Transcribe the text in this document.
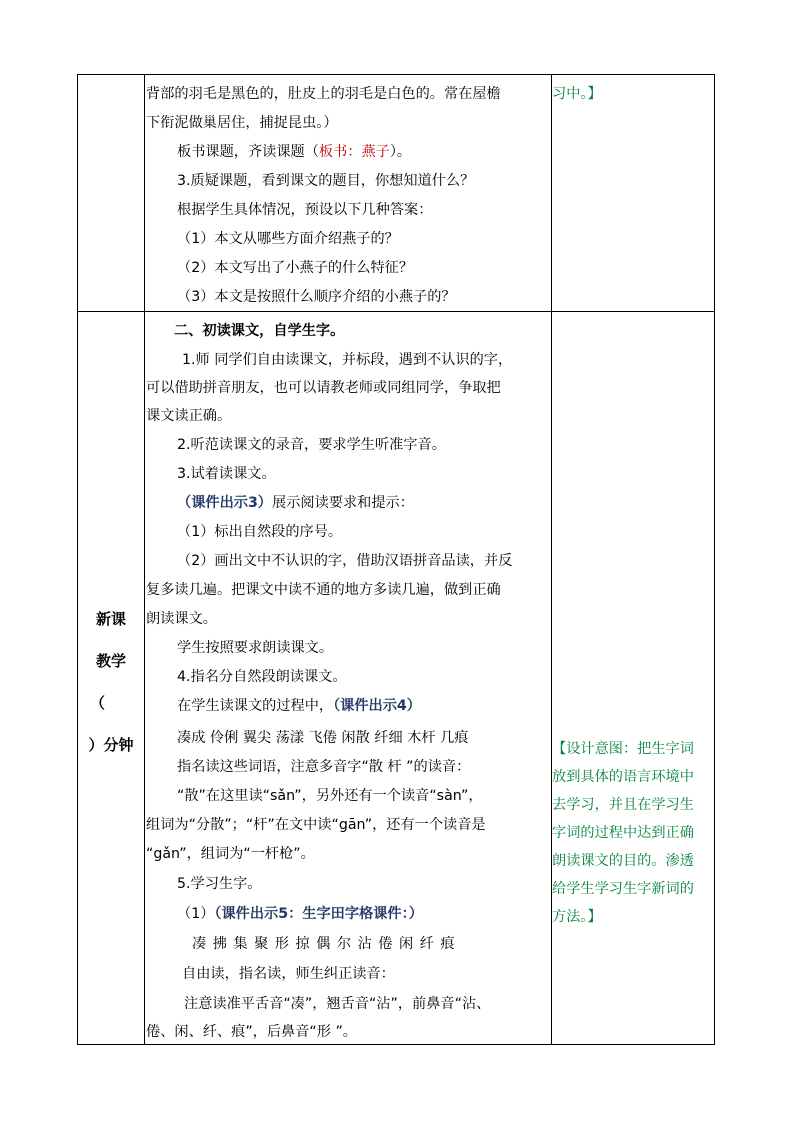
新课
教学
（
）分钟
背部的羽毛是黑色的，肚皮上的羽毛是白色的。常在屋檐
下衔泥做巢居住，捕捉昆虫。）
板书课题，齐读课题（板书：燕子）。
3.质疑课题，看到课文的题目，你想知道什么？
根据学生具体情况，预设以下几种答案：
（1）本文从哪些方面介绍燕子的？
（2）本文写出了小燕子的什么特征？
（3）本文是按照什么顺序介绍的小燕子的？
二、初读课文，自学生字。
1.师 同学们自由读课文，并标段，遇到不认识的字，
可以借助拼音朋友，也可以请教老师或同组同学，争取把
课文读正确。
2.听范读课文的录音，要求学生听准字音。
3.试着读课文。
（课件出示3）展示阅读要求和提示：
（1）标出自然段的序号。
（2）画出文中不认识的字，借助汉语拼音品读，并反
复多读几遍。把课文中读不通的地方多读几遍，做到正确
朗读课文。
学生按照要求朗读课文。
4.指名分自然段朗读课文。
在学生读课文的过程中，（课件出示4）
凑成 伶俐 翼尖 荡漾 飞倦 闲散 纤细 木杆 几痕
指名读这些词语，注意多音字“散 杆 ”的读音：
“散”在这里读“sǎn”，另外还有一个读音“sàn”，
组词为“分散”；“杆”在文中读“gān”，还有一个读音是
“gǎn”，组词为“一杆枪”。
5.学习生字。
（1）（课件出示5：生字田字格课件：）
凑 拂 集 聚 形 掠 偶 尔 沾 倦 闲 纤 痕
自由读，指名读，师生纠正读音：
注意读准平舌音“凑”，翘舌音“沾”，前鼻音“沾、
倦、闲、纤、痕”，后鼻音“形 ”。
习中。】
【设计意图：把生字词
放到具体的语言环境中
去学习，并且在学习生
字词的过程中达到正确
朗读课文的目的。渗透
给学生学习生字新词的
方法。】
